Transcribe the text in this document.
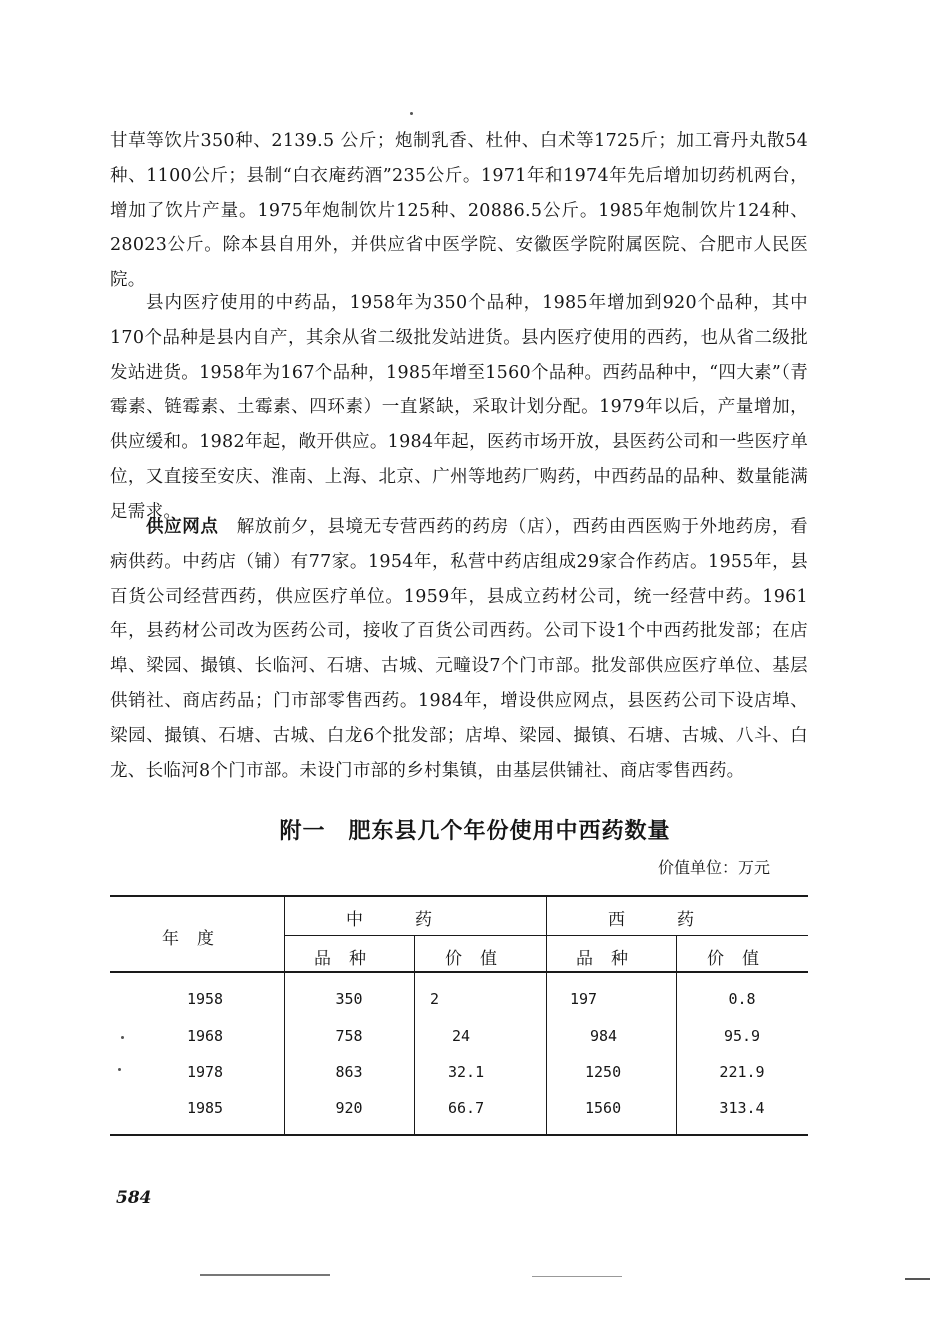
甘草等饮片350种、2139.5 公斤；炮制乳香、杜仲、白术等1725斤；加工膏丹丸散54种、1100公斤；县制“白衣庵药酒”235公斤。1971年和1974年先后增加切药机两台，增加了饮片产量。1975年炮制饮片125种、20886.5公斤。1985年炮制饮片124种、28023公斤。除本县自用外，并供应省中医学院、安徽医学院附属医院、合肥市人民医院。

县内医疗使用的中药品，1958年为350个品种，1985年增加到920个品种，其中170个品种是县内自产，其余从省二级批发站进货。县内医疗使用的西药，也从省二级批发站进货。1958年为167个品种，1985年增至1560个品种。西药品种中，“四大素”（青霉素、链霉素、土霉素、四环素）一直紧缺，采取计划分配。1979年以后，产量增加，供应缓和。1982年起，敞开供应。1984年起，医药市场开放，县医药公司和一些医疗单位，又直接至安庆、淮南、上海、北京、广州等地药厂购药，中西药品的品种、数量能满足需求。

供应网点　 解放前夕，县境无专营西药的药房（店），西药由西医购于外地药房，看病供药。中药店（铺）有77家。1954年，私营中药店组成29家合作药店。1955年，县百货公司经营西药，供应医疗单位。1959年，县成立药材公司，统一经营中药。1961年，县药材公司改为医药公司，接收了百货公司西药。公司下设1个中西药批发部；在店埠、梁园、撮镇、长临河、石塘、古城、元疃设7个门市部。批发部供应医疗单位、基层供销社、商店药品；门市部零售西药。1984年，增设供应网点，县医药公司下设店埠、梁园、撮镇、石塘、古城、白龙6个批发部；店埠、梁园、撮镇、石塘、古城、八斗、白龙、长临河8个门市部。未设门市部的乡村集镇，由基层供铺社、商店零售西药。

附一　肥东县几个年份使用中西药数量
价值单位：万元
年度
中药	西药
品种	价值	品种	价值
1958	350	2	197	0.8
1968	758	24	984	95.9
1978	863	32.1	1250	221.9
1985	920	66.7	1560	313.4
584
